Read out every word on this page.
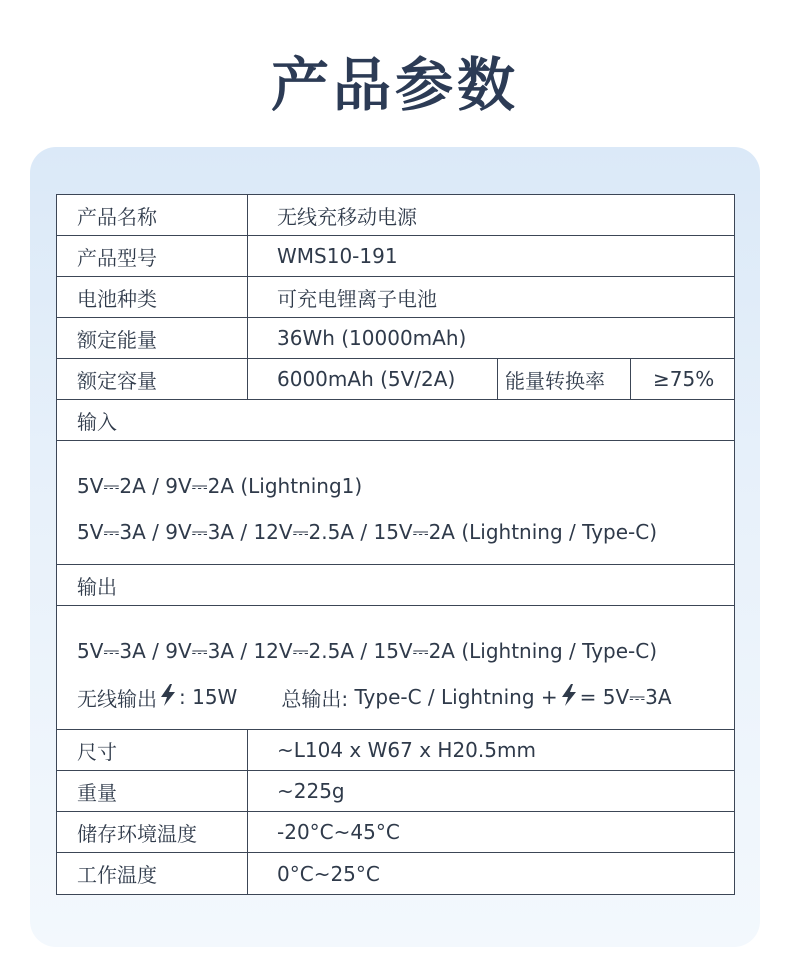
产品参数
产品名称	无线充移动电源
产品型号	WMS10-191
电池种类	可充电锂离子电池
额定能量	36Wh (10000mAh)
额定容量	6000mAh (5V/2A)	能量转换率	≥75%
输入
5V⎓2A / 9V⎓2A (Lightning1)
5V⎓3A / 9V⎓3A / 12V⎓2.5A / 15V⎓2A (Lightning / Type-C)
输出
5V⎓3A / 9V⎓3A / 12V⎓2.5A / 15V⎓2A (Lightning / Type-C)
无线输出 : 15W 总输出:
Type-C / Lightning + = 5V⎓3A
尺寸	~L104 x W67 x H20.5mm
重量	~225g
储存环境温度	-20°C~45°C
工作温度	0°C~25°C
